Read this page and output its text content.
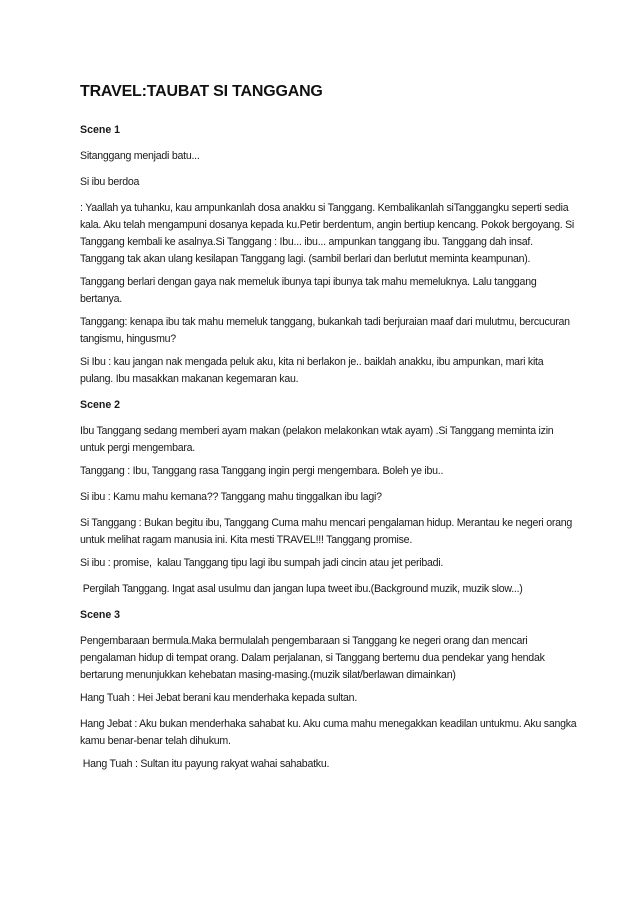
TRAVEL:TAUBAT SI TANGGANG
Scene 1

Sitanggang menjadi batu...

Si ibu berdoa

: Yaallah ya tuhanku, kau ampunkanlah dosa anakku si Tanggang. Kembalikanlah siTanggangku seperti sedia kala. Aku telah mengampuni dosanya kepada ku.Petir berdentum, angin bertiup kencang. Pokok bergoyang. Si Tanggang kembali ke asalnya.Si Tanggang : Ibu... ibu... ampunkan tanggang ibu. Tanggang dah insaf. Tanggang tak akan ulang kesilapan Tanggang lagi. (sambil berlari dan berlutut meminta keampunan).

Tanggang berlari dengan gaya nak memeluk ibunya tapi ibunya tak mahu memeluknya. Lalu tanggang bertanya.

Tanggang: kenapa ibu tak mahu memeluk tanggang, bukankah tadi berjuraian maaf dari mulutmu, bercucuran tangismu, hingusmu?

Si Ibu : kau jangan nak mengada peluk aku, kita ni berlakon je.. baiklah anakku, ibu ampunkan, mari kita pulang. Ibu masakkan makanan kegemaran kau.

Scene 2

Ibu Tanggang sedang memberi ayam makan (pelakon melakonkan wtak ayam) .Si Tanggang meminta izin untuk pergi mengembara.

Tanggang : Ibu, Tanggang rasa Tanggang ingin pergi mengembara. Boleh ye ibu..

Si ibu : Kamu mahu kemana?? Tanggang mahu tinggalkan ibu lagi?

Si Tanggang : Bukan begitu ibu, Tanggang Cuma mahu mencari pengalaman hidup. Merantau ke negeri orang untuk melihat ragam manusia ini. Kita mesti TRAVEL!!! Tanggang promise.

Si ibu : promise,  kalau Tanggang tipu lagi ibu sumpah jadi cincin atau jet peribadi.

Pergilah Tanggang. Ingat asal usulmu dan jangan lupa tweet ibu.(Background muzik, muzik slow...)

Scene 3

Pengembaraan bermula.Maka bermulalah pengembaraan si Tanggang ke negeri orang dan mencari pengalaman hidup di tempat orang. Dalam perjalanan, si Tanggang bertemu dua pendekar yang hendak bertarung menunjukkan kehebatan masing-masing.(muzik silat/berlawan dimainkan)

Hang Tuah : Hei Jebat berani kau menderhaka kepada sultan.

Hang Jebat : Aku bukan menderhaka sahabat ku. Aku cuma mahu menegakkan keadilan untukmu. Aku sangka kamu benar-benar telah dihukum.

Hang Tuah : Sultan itu payung rakyat wahai sahabatku.
